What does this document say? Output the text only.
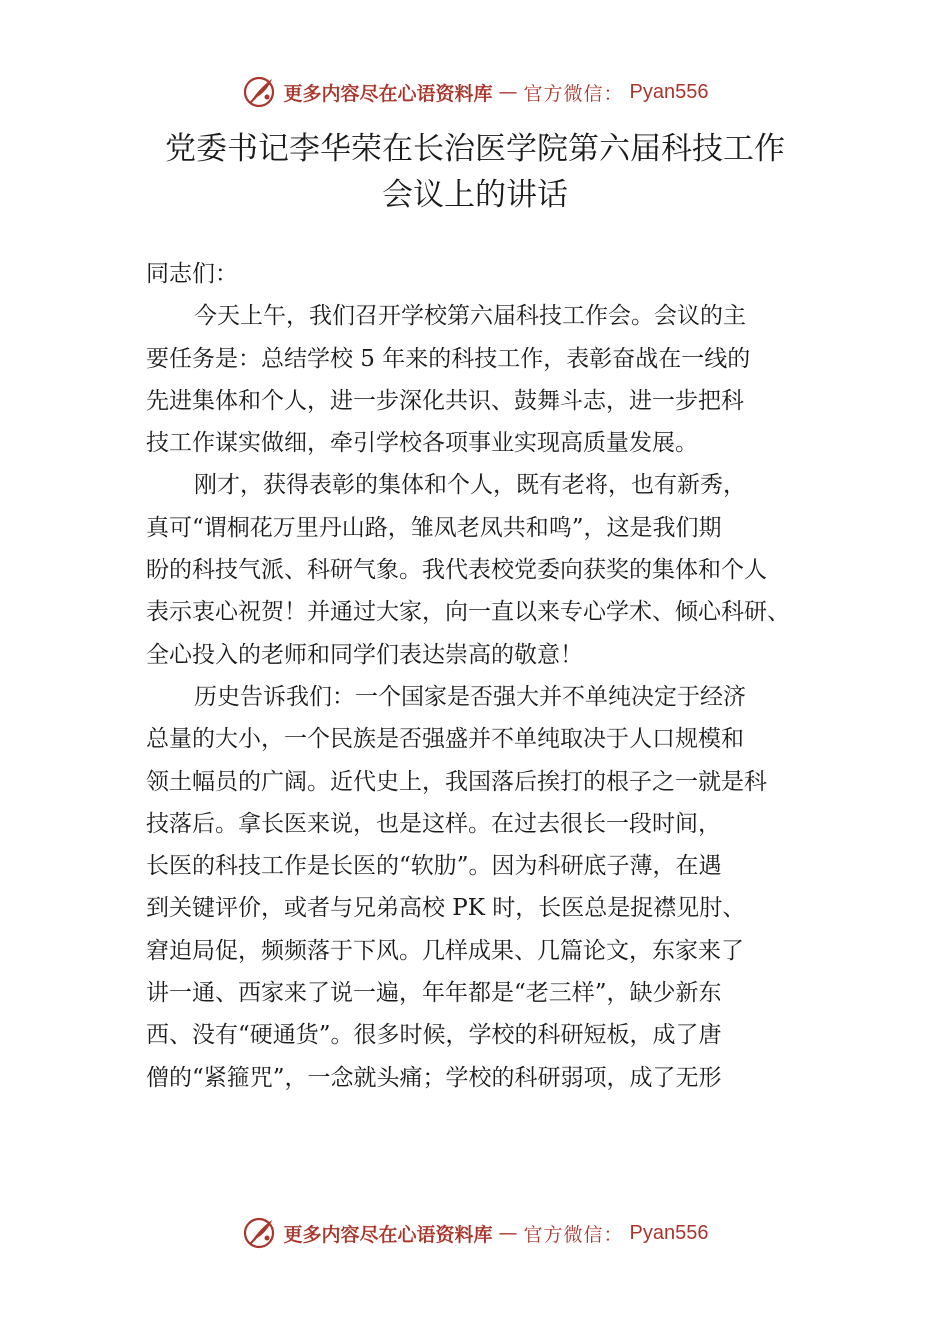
更多内容尽在心语资料库 — 官方微信： Pyan556
党委书记李华荣在长治医学院第六届科技工作
会议上的讲话
同志们：
今天上午，我们召开学校第六届科技工作会。会议的主
要任务是：总结学校 5 年来的科技工作，表彰奋战在一线的
先进集体和个人，进一步深化共识、鼓舞斗志，进一步把科
技工作谋实做细，牵引学校各项事业实现高质量发展。
刚才，获得表彰的集体和个人，既有老将，也有新秀，
真可“谓桐花万里丹山路，雏凤老凤共和鸣”，这是我们期
盼的科技气派、科研气象。我代表校党委向获奖的集体和个人
表示衷心祝贺！并通过大家，向一直以来专心学术、倾心科研、
全心投入的老师和同学们表达崇高的敬意！
历史告诉我们：一个国家是否强大并不单纯决定于经济
总量的大小，一个民族是否强盛并不单纯取决于人口规模和
领土幅员的广阔。近代史上，我国落后挨打的根子之一就是科
技落后。拿长医来说，也是这样。在过去很长一段时间，
长医的科技工作是长医的“软肋”。因为科研底子薄，在遇
到关键评价，或者与兄弟高校 PK 时，长医总是捉襟见肘、
窘迫局促，频频落于下风。几样成果、几篇论文，东家来了
讲一通、西家来了说一遍，年年都是“老三样”，缺少新东
西、没有“硬通货”。很多时候，学校的科研短板，成了唐
僧的“紧箍咒”，一念就头痛；学校的科研弱项，成了无形
更多内容尽在心语资料库 — 官方微信： Pyan556
